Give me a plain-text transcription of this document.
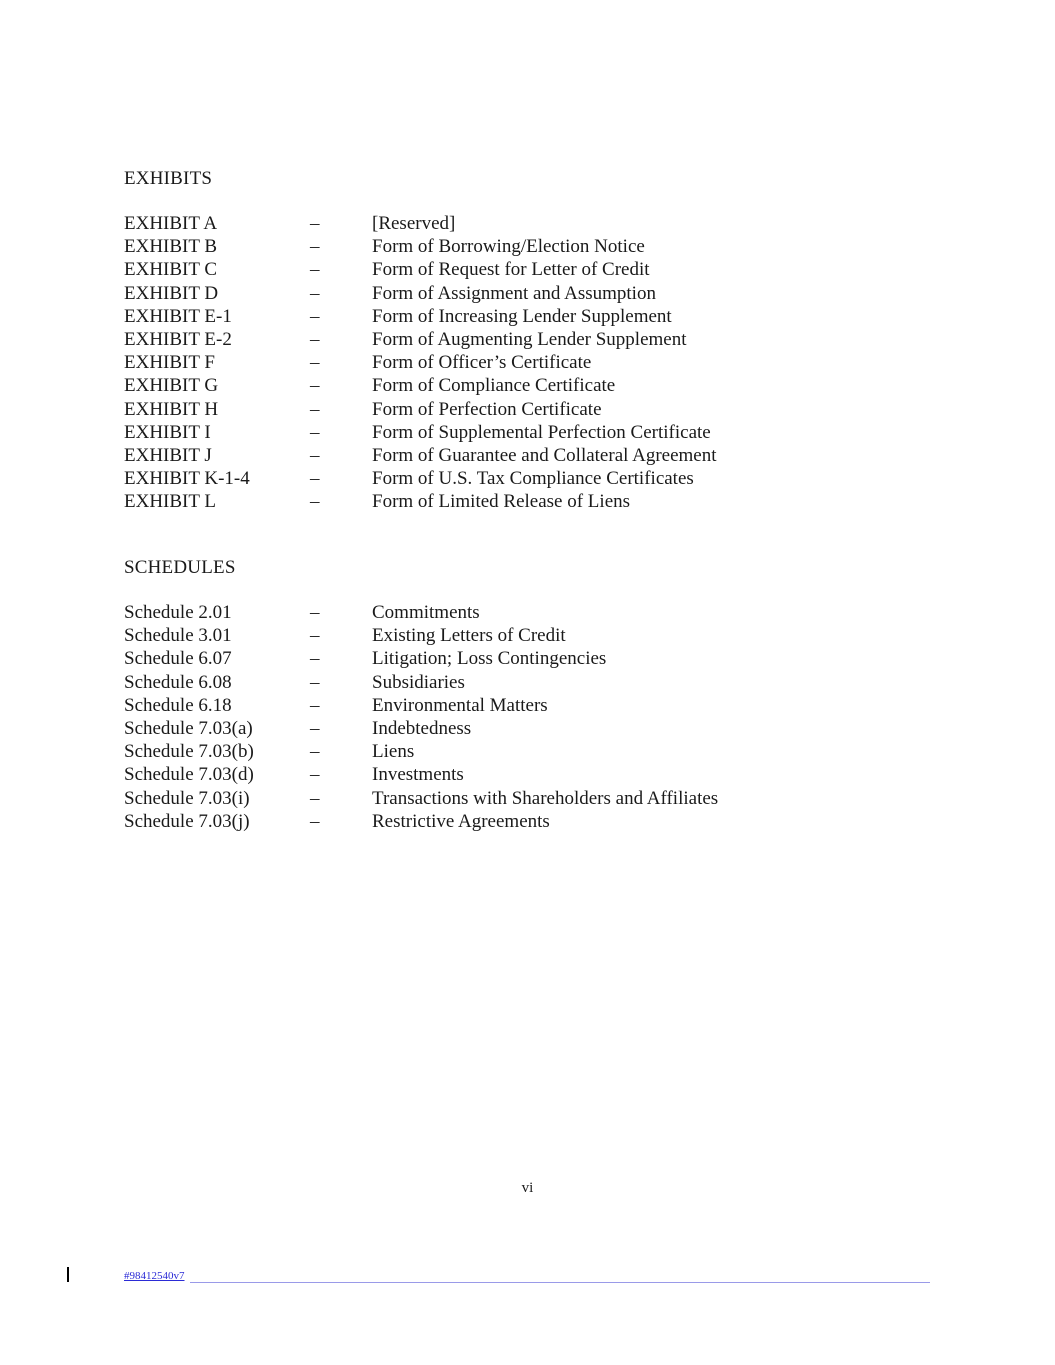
EXHIBITS
EXHIBIT A	–	[Reserved]
EXHIBIT B	–	Form of Borrowing/Election Notice
EXHIBIT C	–	Form of Request for Letter of Credit
EXHIBIT D	–	Form of Assignment and Assumption
EXHIBIT E-1	–	Form of Increasing Lender Supplement
EXHIBIT E-2	–	Form of Augmenting Lender Supplement
EXHIBIT F	–	Form of Officer’s Certificate
EXHIBIT G	–	Form of Compliance Certificate
EXHIBIT H	–	Form of Perfection Certificate
EXHIBIT I	–	Form of Supplemental Perfection Certificate
EXHIBIT J	–	Form of Guarantee and Collateral Agreement
EXHIBIT K-1-4	–	Form of U.S. Tax Compliance Certificates
EXHIBIT L	–	Form of Limited Release of Liens
SCHEDULES
Schedule 2.01	–	Commitments
Schedule 3.01	–	Existing Letters of Credit
Schedule 6.07	–	Litigation; Loss Contingencies
Schedule 6.08	–	Subsidiaries
Schedule 6.18	–	Environmental Matters
Schedule 7.03(a)	–	Indebtedness
Schedule 7.03(b)	–	Liens
Schedule 7.03(d)	–	Investments
Schedule 7.03(i)	–	Transactions with Shareholders and Affiliates
Schedule 7.03(j)	–	Restrictive Agreements
vi
#98412540v7
